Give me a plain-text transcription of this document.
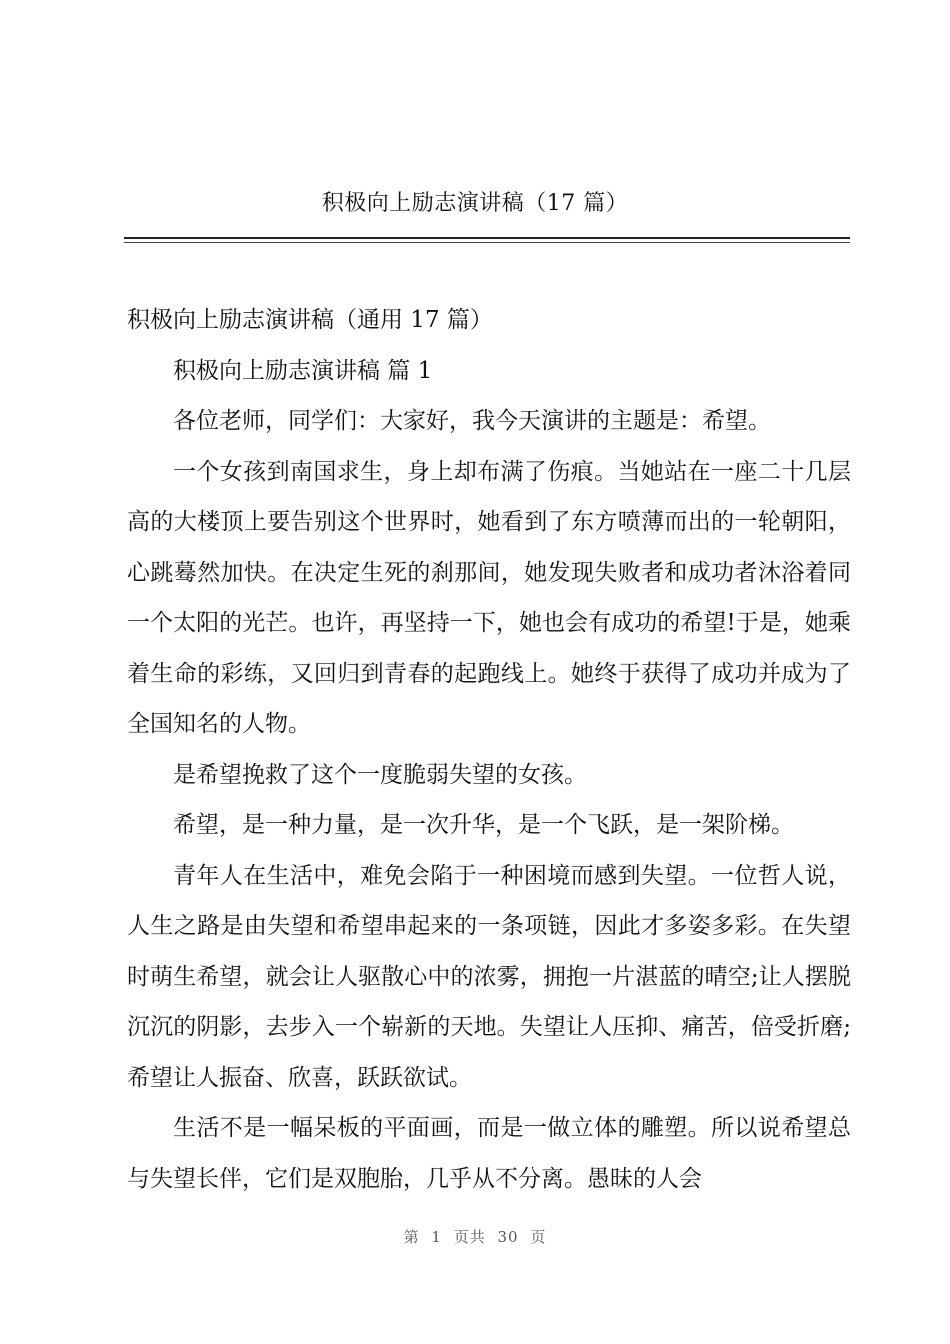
积极向上励志演讲稿（17 篇）

积极向上励志演讲稿（通用 17 篇）

积极向上励志演讲稿 篇 1

各位老师，同学们：大家好，我今天演讲的主题是：希望。

一个女孩到南国求生，身上却布满了伤痕。当她站在一座二十几层高的大楼顶上要告别这个世界时，她看到了东方喷薄而出的一轮朝阳，心跳蓦然加快。在决定生死的刹那间，她发现失败者和成功者沐浴着同一个太阳的光芒。也许，再坚持一下，她也会有成功的希望!于是，她乘着生命的彩练，又回归到青春的起跑线上。她终于获得了成功并成为了全国知名的人物。

是希望挽救了这个一度脆弱失望的女孩。

希望，是一种力量，是一次升华，是一个飞跃，是一架阶梯。

青年人在生活中，难免会陷于一种困境而感到失望。一位哲人说，人生之路是由失望和希望串起来的一条项链，因此才多姿多彩。在失望时萌生希望，就会让人驱散心中的浓雾，拥抱一片湛蓝的晴空;让人摆脱沉沉的阴影，去步入一个崭新的天地。失望让人压抑、痛苦，倍受折磨;希望让人振奋、欣喜，跃跃欲试。

生活不是一幅呆板的平面画，而是一做立体的雕塑。所以说希望总与失望长伴，它们是双胞胎，几乎从不分离。愚昧的人会

第 1 页共 30 页
